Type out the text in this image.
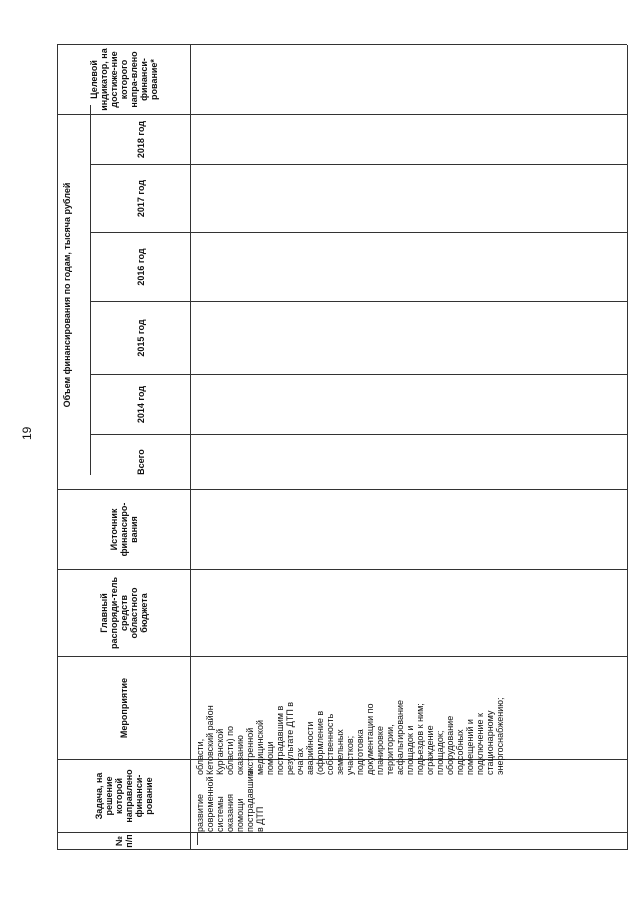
19
№ п/п
Задача, на решение которой направлено финанси-рование
Мероприятие
Главный распоряди-тель средств областного бюджета
Источник финансиро-вания
Объем финансирования по годам, тысяча рублей
Всего
2014 год
2015 год
2016 год
2017 год
2018 год
Целевой индикатор, на достиже-ние которого напра-влено финанси-рование*
развитие
современной
системы
оказания
помощи
пострадавшим
в ДТП
области,
Кетовский район
Курганской
области) по
оказанию
экстренной
медицинской
помощи
пострадавшим в
результате ДТП в
очагах
аварийности
(оформление в
собственность
земельных
участков;
подготовка
документации по
планировке
территории,
асфальтирование
площадок и
подъездов к ним;
ограждение
площадок;
оборудование
подсобных
помещений и
подключение к
стационарному
энергоснабжению;
